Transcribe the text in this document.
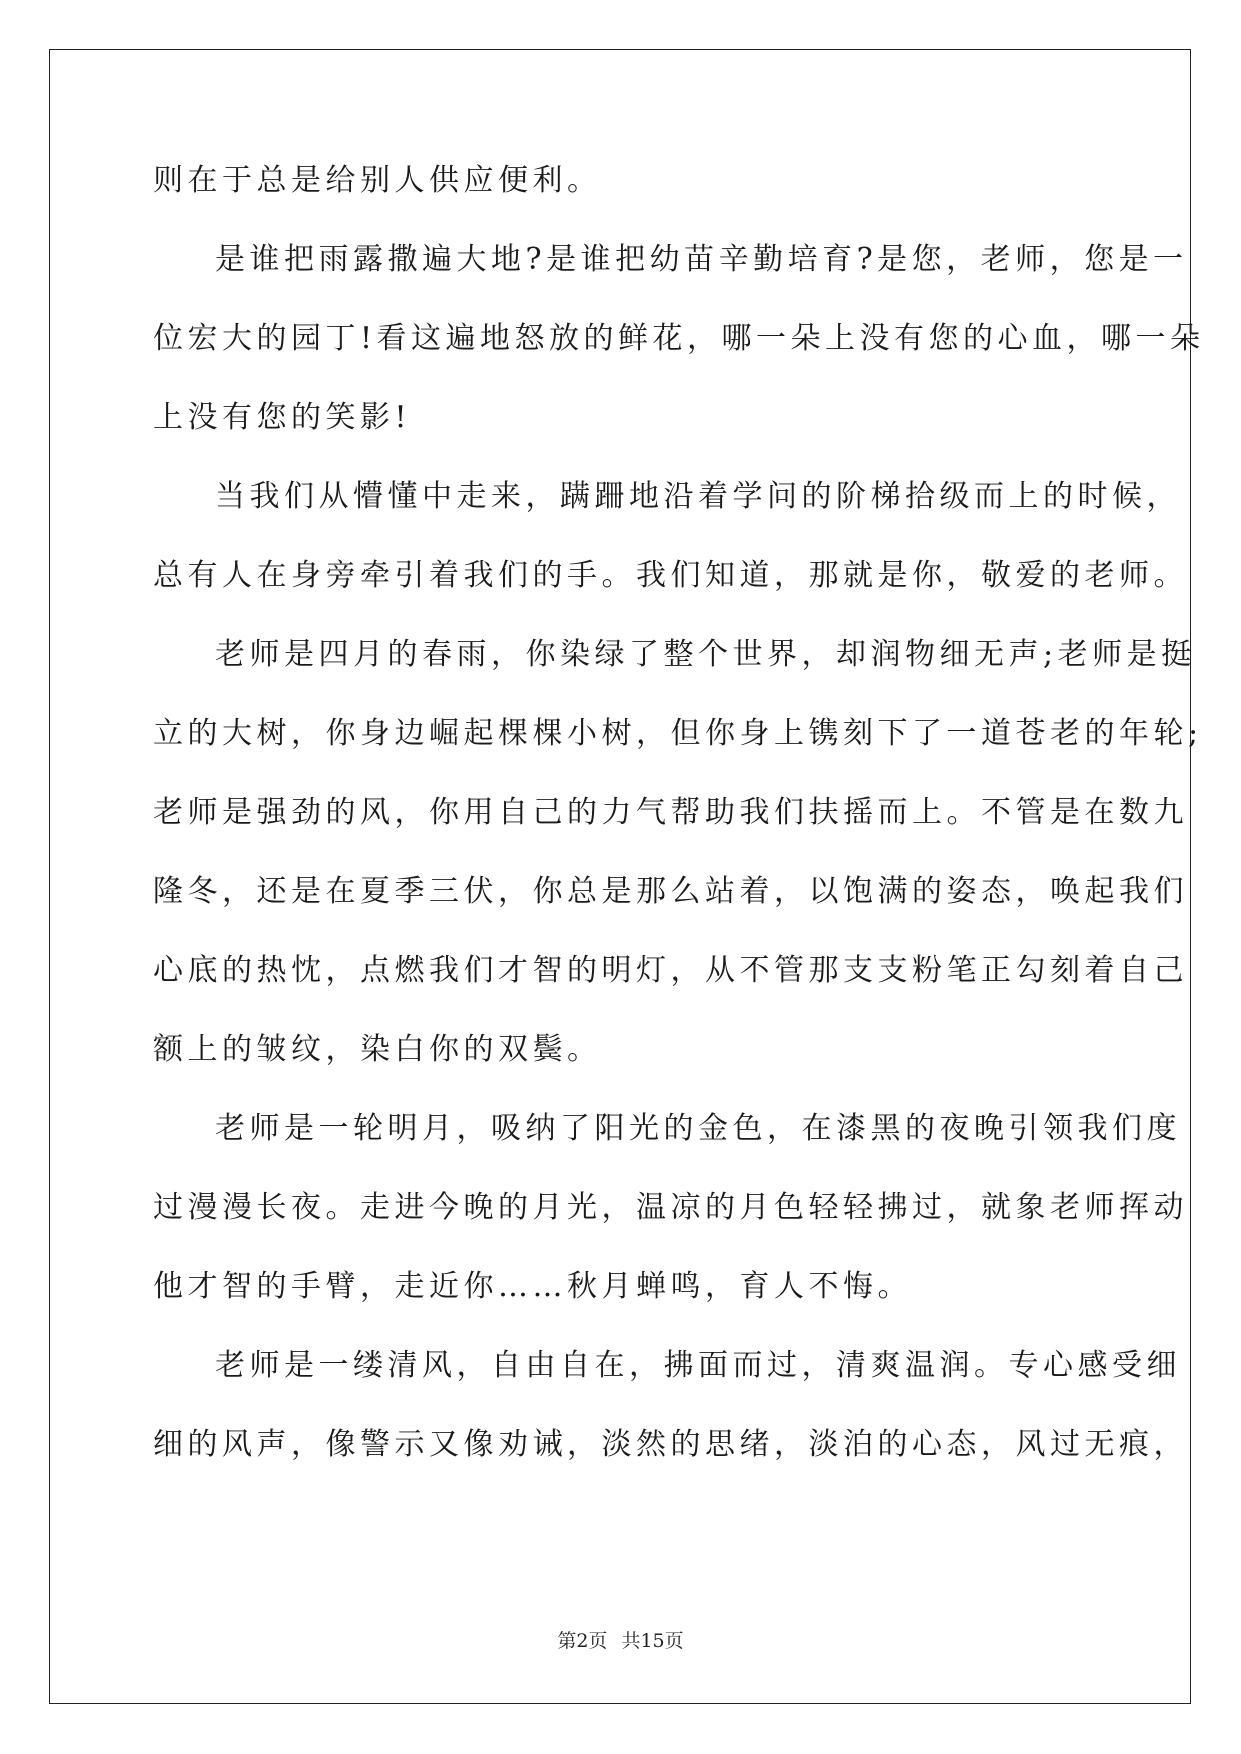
则在于总是给别人供应便利。
是谁把雨露撒遍大地?是谁把幼苗辛勤培育?是您，老师，您是一
位宏大的园丁!看这遍地怒放的鲜花，哪一朵上没有您的心血，哪一朵
上没有您的笑影!
当我们从懵懂中走来，蹒跚地沿着学问的阶梯拾级而上的时候，
总有人在身旁牵引着我们的手。我们知道，那就是你，敬爱的老师。
老师是四月的春雨，你染绿了整个世界，却润物细无声;老师是挺
立的大树，你身边崛起棵棵小树，但你身上镌刻下了一道苍老的年轮;
老师是强劲的风，你用自己的力气帮助我们扶摇而上。不管是在数九
隆冬，还是在夏季三伏，你总是那么站着，以饱满的姿态，唤起我们
心底的热忱，点燃我们才智的明灯，从不管那支支粉笔正勾刻着自己
额上的皱纹，染白你的双鬓。
老师是一轮明月，吸纳了阳光的金色，在漆黑的夜晚引领我们度
过漫漫长夜。走进今晚的月光，温凉的月色轻轻拂过，就象老师挥动
他才智的手臂，走近你……秋月蝉鸣，育人不悔。
老师是一缕清风，自由自在，拂面而过，清爽温润。专心感受细
细的风声，像警示又像劝诫，淡然的思绪，淡泊的心态，风过无痕，
第2页 共15页
